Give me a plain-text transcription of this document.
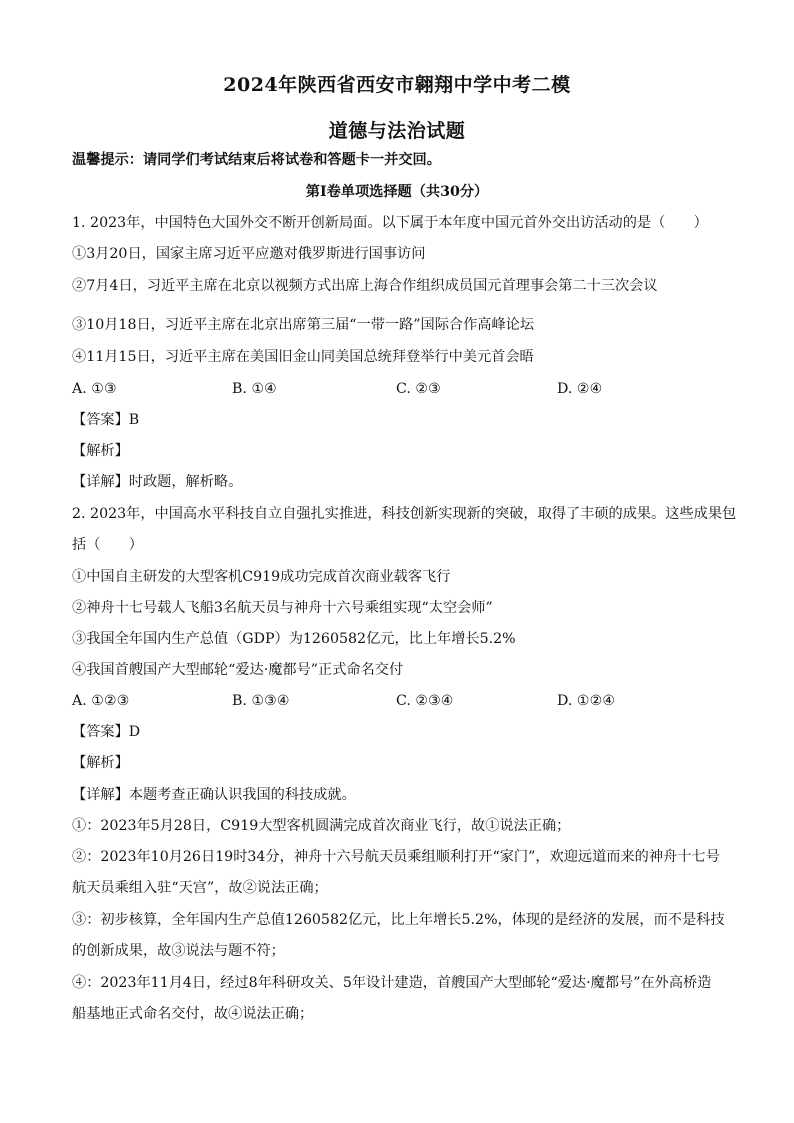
2024年陕西省西安市翱翔中学中考二模
道德与法治试题
温馨提示：请同学们考试结束后将试卷和答题卡一并交回。
第Ⅰ卷单项选择题（共30分）
1. 2023年，中国特色大国外交不断开创新局面。以下属于本年度中国元首外交出访活动的是（　　）
①3月20日，国家主席习近平应邀对俄罗斯进行国事访问
②7月4日，习近平主席在北京以视频方式出席上海合作组织成员国元首理事会第二十三次会议
③10月18日，习近平主席在北京出席第三届“一带一路”国际合作高峰论坛
④11月15日，习近平主席在美国旧金山同美国总统拜登举行中美元首会晤
A. ①③	B. ①④	C. ②③	D. ②④
【答案】B
【解析】
【详解】时政题，解析略。
2. 2023年，中国高水平科技自立自强扎实推进，科技创新实现新的突破，取得了丰硕的成果。这些成果包
括（　　）
①中国自主研发的大型客机C919成功完成首次商业载客飞行
②神舟十七号载人飞船3名航天员与神舟十六号乘组实现“太空会师”
③我国全年国内生产总值（GDP）为1260582亿元，比上年增长5.2%
④我国首艘国产大型邮轮“爱达·魔都号”正式命名交付
A. ①②③	B. ①③④	C. ②③④	D. ①②④
【答案】D
【解析】
【详解】本题考查正确认识我国的科技成就。
①：2023年5月28日，C919大型客机圆满完成首次商业飞行，故①说法正确；
②：2023年10月26日19时34分，神舟十六号航天员乘组顺利打开“家门”，欢迎远道而来的神舟十七号
航天员乘组入驻“天宫”，故②说法正确；
③：初步核算，全年国内生产总值1260582亿元，比上年增长5.2%，体现的是经济的发展，而不是科技
的创新成果，故③说法与题不符；
④：2023年11月4日，经过8年科研攻关、5年设计建造，首艘国产大型邮轮“爱达·魔都号”在外高桥造
船基地正式命名交付，故④说法正确；
